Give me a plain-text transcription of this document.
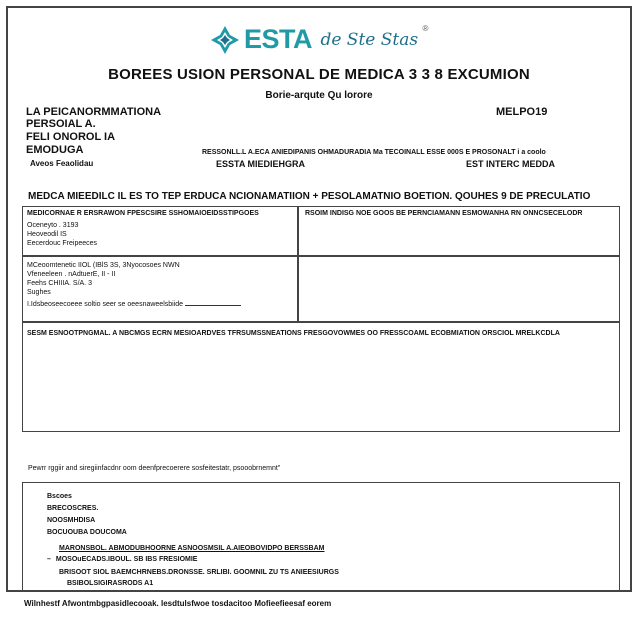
ESTA de Ste Stas ®
BOREES USION PERSONAL DE MEDICA 3 3 8 EXCUMION
Borie-arqute Qu lorore
LA PEICANORMMATIONA
PERSOIAL A.
FELI ONOROL IA
EMODUGA
Aveos Feaolidau
MELPO19
RESSONLL.L A.ECA ANIEDIPANIS OHMADURADIA Ma TECOINALL ESSE 000S E PROSONALT i a coolo
ESSTA MIEDIEHGRA	EST INTERC MEDDA
MEDCA MIEEDILC IL ES TO TEP ERDUCA NCIONAMATIION + PESOLAMATNIO BOETION. QOUHES 9 DE PRECULATIO
MEDICORNAE R ERSRAWON FPESCSIRE SSHOMAIOEIDSSTIPGOES
Oceneyto . 3193
Heoveodil IS
Eecerdouc Freipeeces
RSOIM INDISG NOE GOOS BE PERNCIAMANN ESMOWANHA RN ONNCSECELODR
MCeoomtenetic IIOL (IBlS 3S, 3Nyocosoes NWN
Vfeneeleen . nAdtuerE, II - II
Feehs CHIIIA. S/A. 3
Sughes
I.Idsbeoseecoeee soltio seer se oeesnaweelsbiide
SESM ESNOOTPNGMAL. A NBCMGS ECRN MESIOARDVES TFRSUMSSNEATIONS FRESGOVOWMES OO FRESSCOAML ECOBMIATION ORSCIOL MRELKCDLA
Pewrr rggiir and siregiinfacdnr oom deenfprecoerere sosfeitestatr, psooobrnemnt"
Bscoes
BRECOSCRES.
NOOSMHDISA
BOCUOUBA DOUCOMA
MARONSBOL. ABMODUBHOORNE ASNOOSMSIL A.AIEOBOVIDPO BERSSBAM
– MOSOuECADS.IBOUL. SB IBS FRESIOMIE
BRISOOT SIOL BAEMCHRNEBS.DRONSSE. SRLIBI. GOOMNIL ZU TS ANIEESIURGS
BSIBOLSIGIRASRODS A1
Wilnhestf Afwontmbgpasidlecooak. lesdtulsfwoe tosdacitoo Mofieefieesaf eorem
